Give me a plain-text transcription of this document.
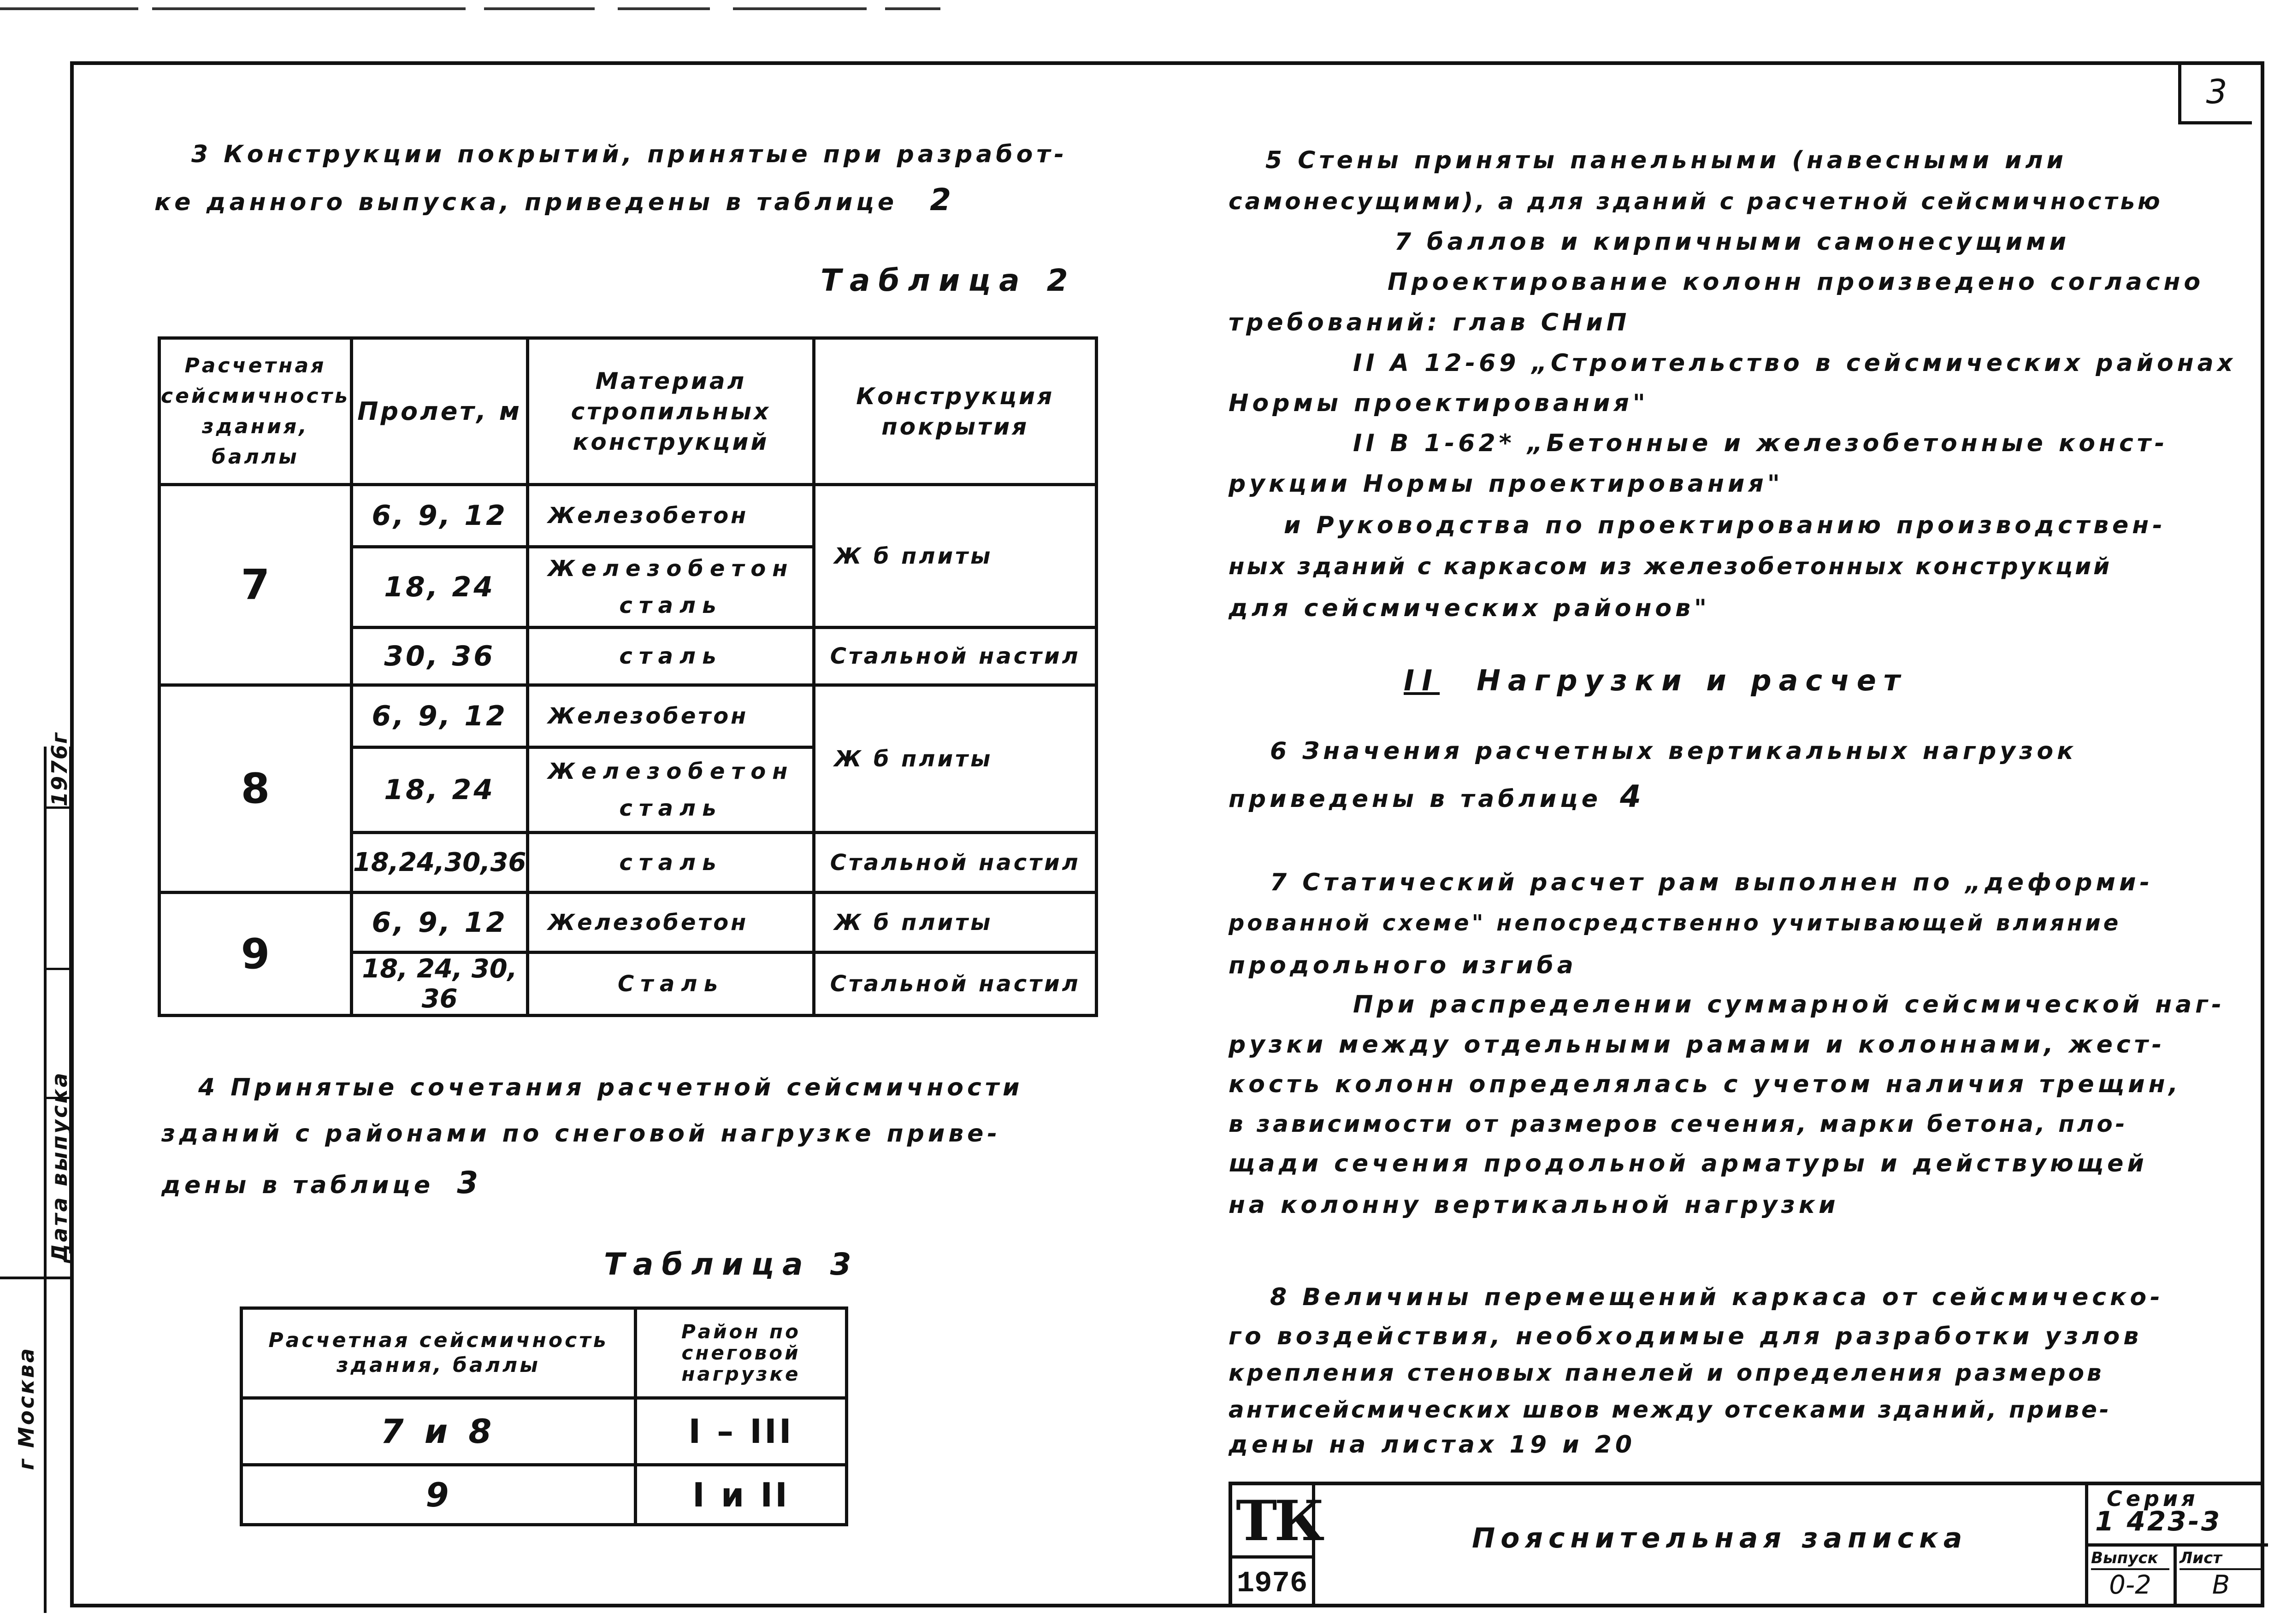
3
3 Конструкции покрытий, принятые при разработ-
ке данного выпуска, приведены в таблице 2
Таблица 2
Расчетная сейсмичность здания, баллы	Пролет, м	Материал стропильных конструкций	Конструкция покрытия
7	6, 9, 12	Железобетон	Ж б плиты
	18, 24	Железобетон сталь	
	30, 36	сталь	Стальной настил
8	6, 9, 12	Железобетон	Ж б плиты
	18, 24	Железобетон сталь	
	18,24,30,36	сталь	Стальной настил
9	6, 9, 12	Железобетон	Ж б плиты
	18, 24, 30, 36	Сталь	Стальной настил
4 Принятые сочетания расчетной сейсмичности
зданий с районами по снеговой нагрузке приве-
дены в таблице 3
Таблица 3
Расчетная сейсмичность здания, баллы	Район по снеговой нагрузке
7 и 8	I – III
9	I и II
5 Стены приняты панельными (навесными или
самонесущими), а для зданий с расчетной сейсмичностью
7 баллов и кирпичными самонесущими
Проектирование колонн произведено согласно
требований: глав СНиП
II А 12-69 „Строительство в сейсмических районах
Нормы проектирования"
II В 1-62* „Бетонные и железобетонные конст-
рукции Нормы проектирования"
и Руководства по проектированию производствен-
ных зданий с каркасом из железобетонных конструкций
для сейсмических районов"
II Нагрузки и расчет
6 Значения расчетных вертикальных нагрузок
приведены в таблице 4
7 Статический расчет рам выполнен по „деформи-
рованной схеме" непосредственно учитывающей влияние
продольного изгиба
При распределении суммарной сейсмической наг-
рузки между отдельными рамами и колоннами, жест-
кость колонн определялась с учетом наличия трещин,
в зависимости от размеров сечения, марки бетона, пло-
щади сечения продольной арматуры и действующей
на колонну вертикальной нагрузки
8 Величины перемещений каркаса от сейсмическо-
го воздействия, необходимые для разработки узлов
крепления стеновых панелей и определения размеров
антисейсмических швов между отсеками зданий, приве-
дены на листах 19 и 20
ТК
1976
Пояснительная записка
Серия
1 423-3
Выпуск Лист
0-2	В
Дата выпуска
1976г
г Москва
